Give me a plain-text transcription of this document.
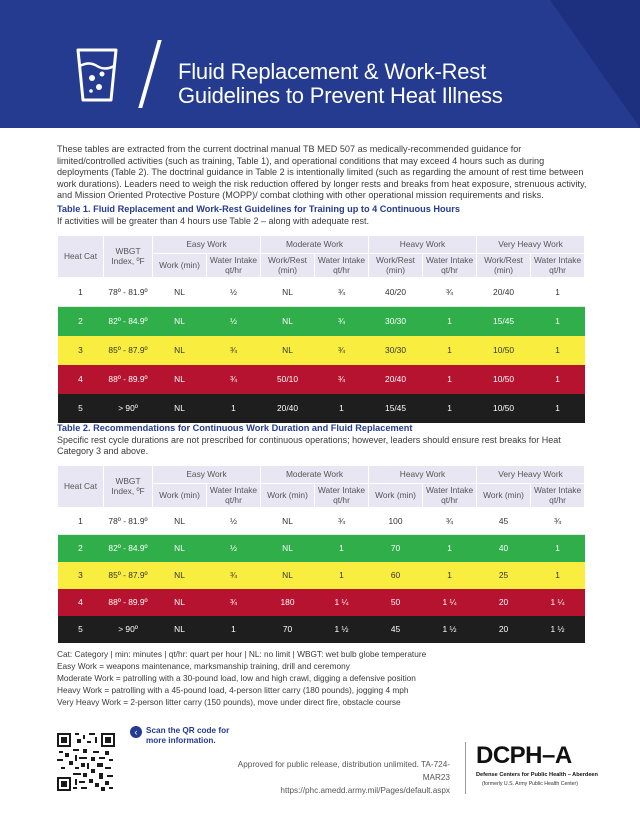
Fluid Replacement & Work-Rest
Guidelines to Prevent Heat Illness

These tables are extracted from the current doctrinal manual TB MED 507 as medically-recommended guidance for limited/controlled activities (such as training, Table 1), and operational conditions that may exceed 4 hours such as during deployments (Table 2). The doctrinal guidance in Table 2 is intentionally limited (such as regarding the amount of rest time between work durations). Leaders need to weigh the risk reduction offered by longer rests and breaks from heat exposure, strenuous activity, and Mission Oriented Protective Posture (MOPP)/ combat clothing with other operational mission requirements and risks.

Table 1. Fluid Replacement and Work-Rest Guidelines for Training up to 4 Continuous Hours
If activities will be greater than 4 hours use Table 2 – along with adequate rest.
Heat Cat	WBGT Index, ºF	Easy Work		Moderate Work		Heavy Work		Very Heavy Work	
		Work (min)	Water Intake qt/hr	Work/Rest (min)	Water Intake qt/hr	Work/Rest (min)	Water Intake qt/hr	Work/Rest (min)	Water Intake qt/hr
1	78º - 81.9º	NL	½	NL	¾	40/20	¾	20/40	1
2	82º - 84.9º	NL	½	NL	¾	30/30	1	15/45	1
3	85º - 87.9º	NL	¾	NL	¾	30/30	1	10/50	1
4	88º - 89.9º	NL	¾	50/10	¾	20/40	1	10/50	1
5	> 90º	NL	1	20/40	1	15/45	1	10/50	1
Table 2. Recommendations for Continuous Work Duration and Fluid Replacement
Specific rest cycle durations are not prescribed for continuous operations; however, leaders should ensure rest breaks for Heat Category 3 and above.
Heat Cat	WBGT Index, ºF	Easy Work		Moderate Work		Heavy Work		Very Heavy Work	
		Work (min)	Water Intake qt/hr	Work (min)	Water Intake qt/hr	Work (min)	Water Intake qt/hr	Work (min)	Water Intake qt/hr
1	78º - 81.9º	NL	½	NL	¾	100	¾	45	¾
2	82º - 84.9º	NL	½	NL	1	70	1	40	1
3	85º - 87.9º	NL	¾	NL	1	60	1	25	1
4	88º - 89.9º	NL	¾	180	1 ¼	50	1 ¼	20	1 ¼
5	> 90º	NL	1	70	1 ½	45	1 ½	20	1 ½
Cat: Category | min: minutes | qt/hr: quart per hour | NL: no limit | WBGT: wet bulb globe temperature
Easy Work = weapons maintenance, marksmanship training, drill and ceremony
Moderate Work = patrolling with a 30-pound load, low and high crawl, digging a defensive position
Heavy Work = patrolling with a 45-pound load, 4-person litter carry (180 pounds), jogging 4 mph
Very Heavy Work = 2-person litter carry (150 pounds), move under direct fire, obstacle course
‹	Scan the QR code for
more information.
Approved for public release, distribution unlimited. TA-724-MAR23
https://phc.amedd.army.mil/Pages/default.aspx
DCPH–A
Defense Centers for Public Health – Aberdeen
(formerly U.S. Army Public Health Center)
